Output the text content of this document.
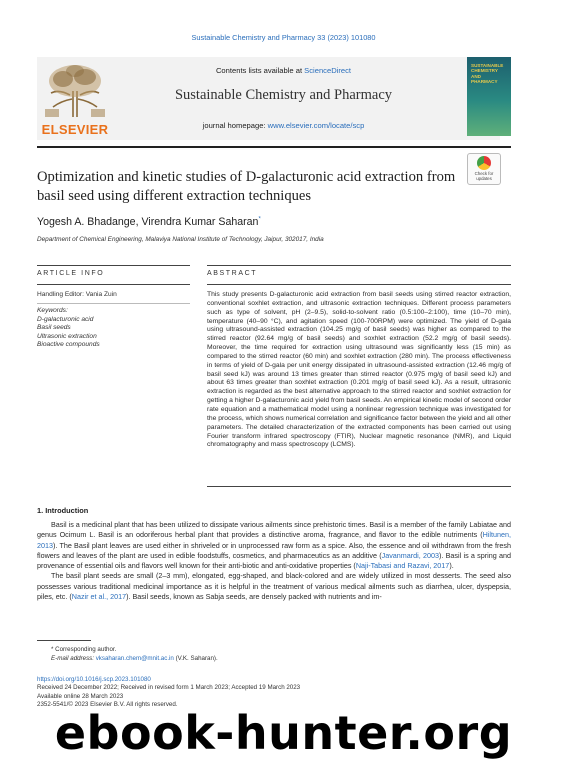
Sustainable Chemistry and Pharmacy 33 (2023) 101080
ELSEVIER
Contents lists available at ScienceDirect
Sustainable Chemistry and Pharmacy
journal homepage: www.elsevier.com/locate/scp
SUSTAINABLE CHEMISTRY AND PHARMACY
Optimization and kinetic studies of D-galacturonic acid extraction from basil seed using different extraction techniques
Check for updates
Yogesh A. Bhadange, Virendra Kumar Saharan*
Department of Chemical Engineering, Malaviya National Institute of Technology, Jaipur, 302017, India
ARTICLE INFO	ABSTRACT
Handling Editor: Vania Zuin
Keywords:
D-galacturonic acid
Basil seeds
Ultrasonic extraction
Bioactive compounds
This study presents D-galacturonic acid extraction from basil seeds using stirred reactor extraction, conventional soxhlet extraction, and ultrasonic extraction techniques. Different process parameters such as type of solvent, pH (2–9.5), solid-to-solvent ratio (0.5:100–2:100), time (10–70 min), temperature (40–90 °C), and agitation speed (100-700RPM) were optimized. The yield of D-gala using ultrasound-assisted extraction (104.25 mg/g of basil seeds) was higher as compared to the stirred reactor (92.64 mg/g of basil seeds) and soxhlet extraction (52.2 mg/g of basil seeds). Moreover, the time required for extraction using ultrasound was significantly less (15 min) as compared to the stirred reactor (60 min) and soxhlet extraction (280 min). The process effectiveness in terms of yield of D-gala per unit energy dissipated in ultrasound-assisted extraction (12.46 mg/g of basil seed kJ) was around 13 times greater than stirred reactor (0.975 mg/g of basil seed kJ) and about 63 times greater than soxhlet extraction (0.201 mg/g of basil seed kJ). As a result, ultrasonic extraction is regarded as the best alternative approach to the stirred reactor and soxhlet extraction for getting a higher D-galacturonic acid yield from basil seeds. An empirical kinetic model of second order rate equation and a mathematical model using a nonlinear regression technique was investigated for the process, which shows numerical correlation and significance factor between the yield and all other parameters. The detailed characterization of the extracted components has been carried out using Fourier transform infrared spectroscopy (FTIR), Nuclear magnetic resonance (NMR), and Liquid chromatography and mass spectroscopy (LCMS).
1. Introduction

Basil is a medicinal plant that has been utilized to dissipate various ailments since prehistoric times. Basil is a member of the family Labiatae and genus Ocimum L. Basil is an odoriferous herbal plant that provides a distinctive aroma, fragrance, and flavor to the edible nutriments (Hiltunen, 2013). The Basil plant leaves are used either in shriveled or in unprocessed raw form as a spice. Also, the essence and oil withdrawn from the fresh flowers and leaves of the plant are used in edible foodstuffs, cosmetics, and pharmaceutics as an additive (Javanmardi, 2003). Basil is a spring and provenance of essential oils and flavors well known for their anti-biotic and anti-oxidative properties (Naji-Tabasi and Razavi, 2017).

The basil plant seeds are small (2–3 mm), elongated, egg-shaped, and black-colored and are widely utilized in most desserts. The seed also possesses various traditional medicinal importance as it is helpful in the treatment of various medical ailments such as diarrhea, ulcer, dyspepsia, piles, etc. (Nazir et al., 2017). Basil seeds, known as Sabja seeds, are densely packed with nutrients and im-

* Corresponding author.
E-mail address: vksaharan.chem@mnit.ac.in (V.K. Saharan).
https://doi.org/10.1016/j.scp.2023.101080
Received 24 December 2022; Received in revised form 1 March 2023; Accepted 19 March 2023
Available online 28 March 2023
2352-5541/© 2023 Elsevier B.V. All rights reserved.
ebook-hunter.org
